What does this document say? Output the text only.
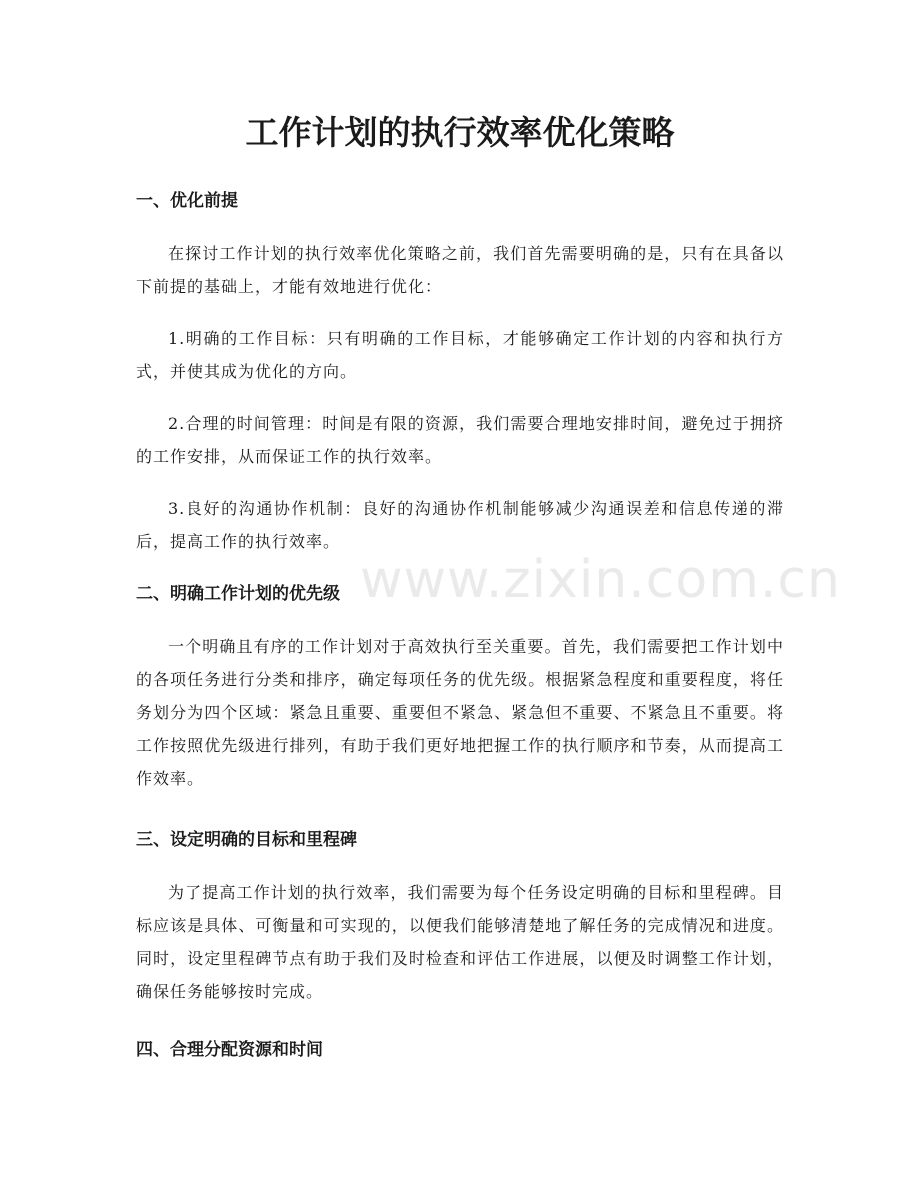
工作计划的执行效率优化策略
一、优化前提

在探讨工作计划的执行效率优化策略之前，我们首先需要明确的是，只有在具备以下前提的基础上，才能有效地进行优化：

1.明确的工作目标：只有明确的工作目标，才能够确定工作计划的内容和执行方式，并使其成为优化的方向。

2.合理的时间管理：时间是有限的资源，我们需要合理地安排时间，避免过于拥挤的工作安排，从而保证工作的执行效率。

3.良好的沟通协作机制：良好的沟通协作机制能够减少沟通误差和信息传递的滞后，提高工作的执行效率。

二、明确工作计划的优先级

一个明确且有序的工作计划对于高效执行至关重要。首先，我们需要把工作计划中的各项任务进行分类和排序，确定每项任务的优先级。根据紧急程度和重要程度，将任务划分为四个区域：紧急且重要、重要但不紧急、紧急但不重要、不紧急且不重要。将工作按照优先级进行排列，有助于我们更好地把握工作的执行顺序和节奏，从而提高工作效率。

三、设定明确的目标和里程碑

为了提高工作计划的执行效率，我们需要为每个任务设定明确的目标和里程碑。目标应该是具体、可衡量和可实现的，以便我们能够清楚地了解任务的完成情况和进度。同时，设定里程碑节点有助于我们及时检查和评估工作进展，以便及时调整工作计划，确保任务能够按时完成。

四、合理分配资源和时间
www.zixin.com.cn
